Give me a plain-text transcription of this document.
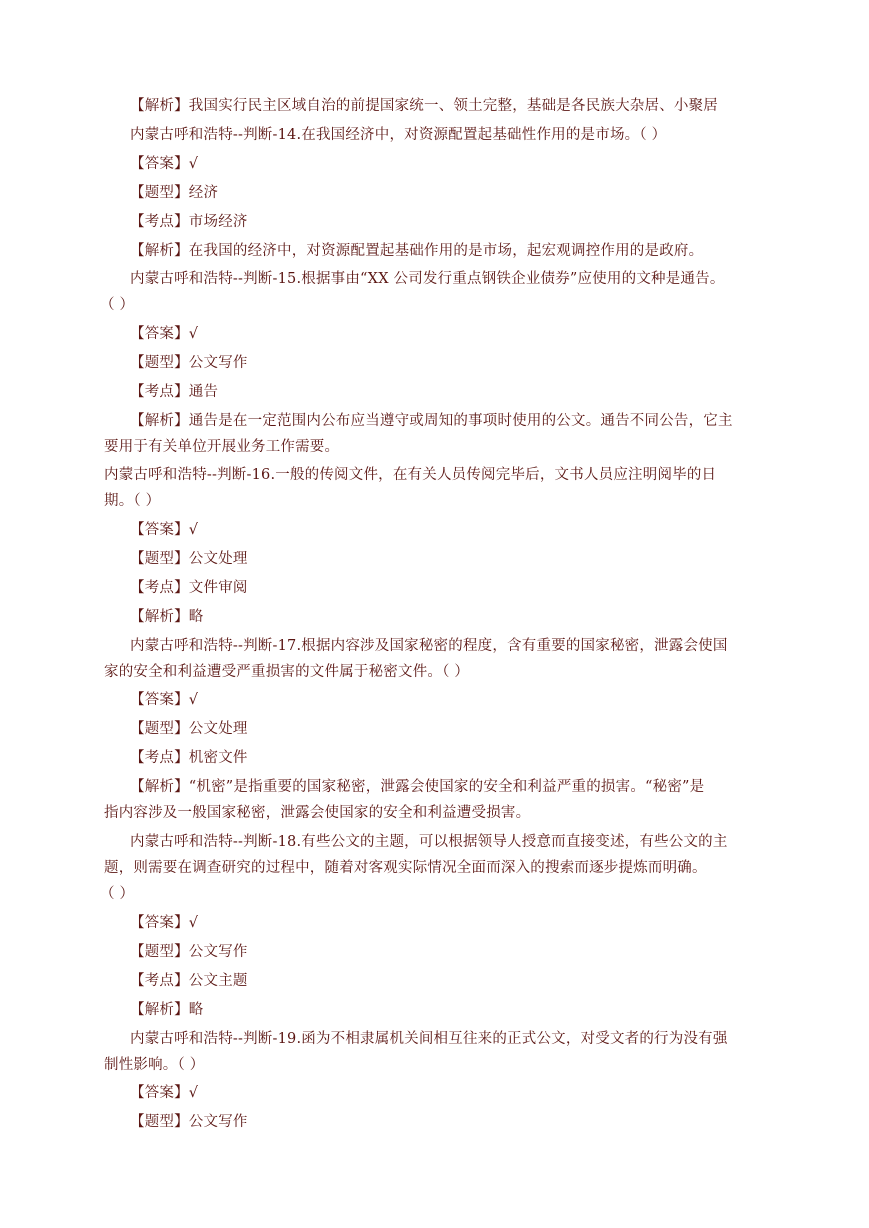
【解析】我国实行民主区域自治的前提国家统一、领土完整，基础是各民族大杂居、小聚居
内蒙古呼和浩特--判断-14.在我国经济中，对资源配置起基础性作用的是市场。（ ）
【答案】√
【题型】经济
【考点】市场经济
【解析】在我国的经济中，对资源配置起基础作用的是市场，起宏观调控作用的是政府。
内蒙古呼和浩特--判断-15.根据事由“XX 公司发行重点钢铁企业债券”应使用的文种是通告。
（ ）
【答案】√
【题型】公文写作
【考点】通告
【解析】通告是在一定范围内公布应当遵守或周知的事项时使用的公文。通告不同公告，它主
要用于有关单位开展业务工作需要。
内蒙古呼和浩特--判断-16.一般的传阅文件，在有关人员传阅完毕后，文书人员应注明阅毕的日
期。（ ）
【答案】√
【题型】公文处理
【考点】文件审阅
【解析】略
内蒙古呼和浩特--判断-17.根据内容涉及国家秘密的程度，含有重要的国家秘密，泄露会使国
家的安全和利益遭受严重损害的文件属于秘密文件。（ ）
【答案】√
【题型】公文处理
【考点】机密文件
【解析】“机密”是指重要的国家秘密，泄露会使国家的安全和利益严重的损害。“秘密”是
指内容涉及一般国家秘密，泄露会使国家的安全和利益遭受损害。
内蒙古呼和浩特--判断-18.有些公文的主题，可以根据领导人授意而直接变述，有些公文的主
题，则需要在调查研究的过程中，随着对客观实际情况全面而深入的搜索而逐步提炼而明确。
（ ）
【答案】√
【题型】公文写作
【考点】公文主题
【解析】略
内蒙古呼和浩特--判断-19.函为不相隶属机关间相互往来的正式公文，对受文者的行为没有强
制性影响。（ ）
【答案】√
【题型】公文写作
